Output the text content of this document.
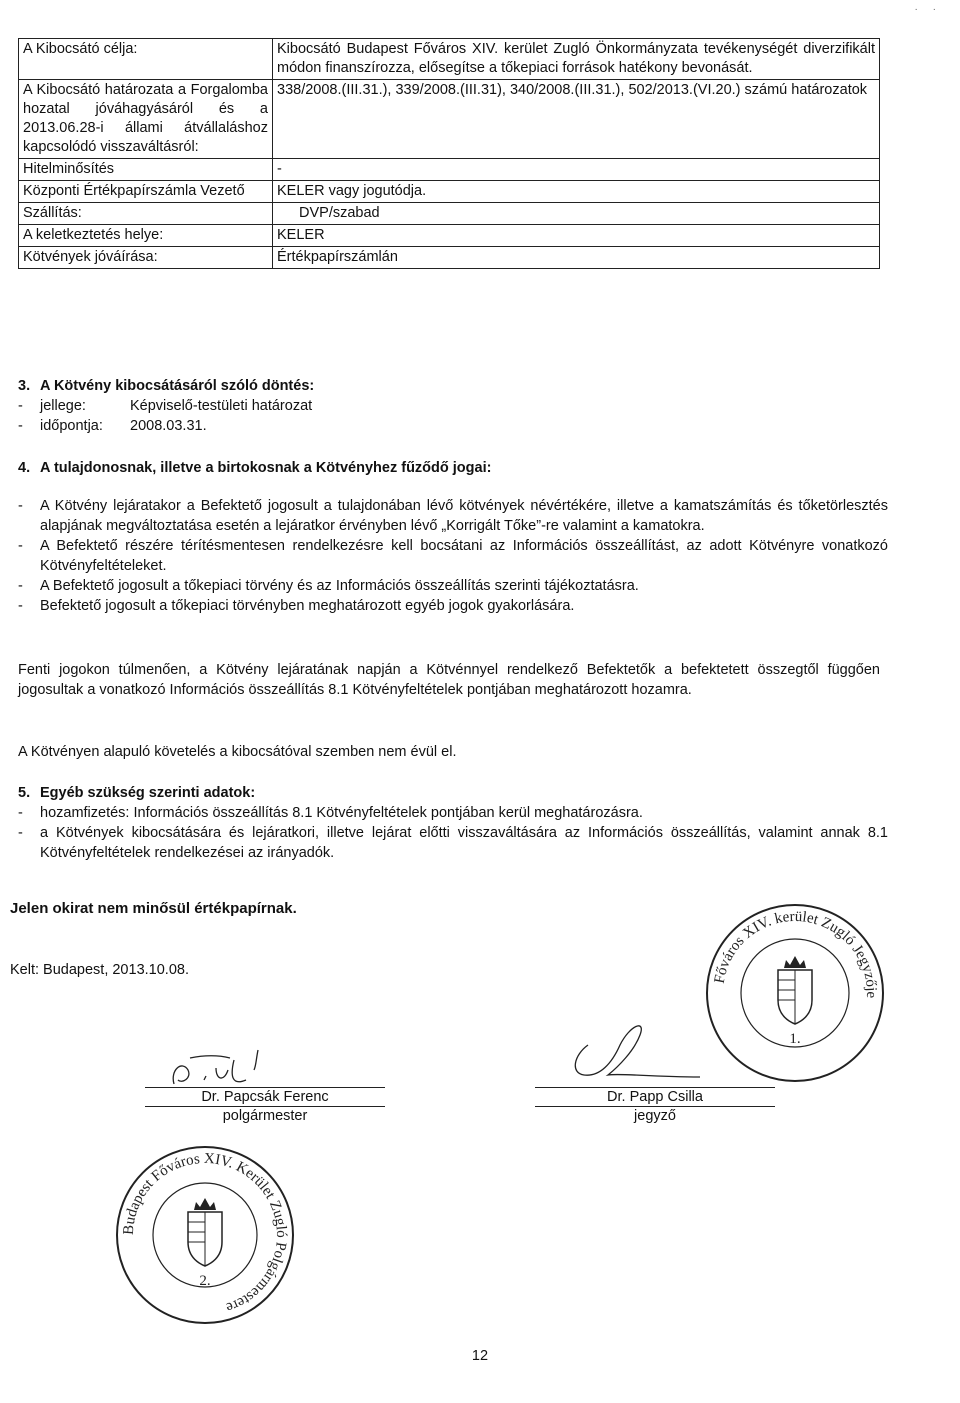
· ·
A Kibocsátó célja:	Kibocsátó Budapest Főváros XIV. kerület Zugló Önkormányzata tevékenységét diverzifikált módon finanszírozza, elősegítse a tőkepiaci források hatékony bevonását.
A Kibocsátó határozata a Forgalomba hozatal jóváhagyásáról és a 2013.06.28-i állami átvállaláshoz kapcsolódó visszaváltásról:	338/2008.(III.31.), 339/2008.(III.31), 340/2008.(III.31.), 502/2013.(VI.20.) számú határozatok
Hitelminősítés	-
Központi Értékpapírszámla Vezető	KELER vagy jogutódja.
Szállítás:	DVP/szabad
A keletkeztetés helye:	KELER
Kötvények jóváírása:	Értékpapírszámlán
3. A Kötvény kibocsátásáról szóló döntés:
-	jellege:	Képviselő-testületi határozat
-	időpontja: 2008.03.31.
4. A tulajdonosnak, illetve a birtokosnak a Kötvényhez fűződő jogai:
-	A Kötvény lejáratakor a Befektető jogosult a tulajdonában lévő kötvények névértékére, illetve a kamatszámítás és tőketörlesztés alapjának megváltoztatása esetén a lejáratkor érvényben lévő „Korrigált Tőke”-re valamint a kamatokra.
-	A Befektető részére térítésmentesen rendelkezésre kell bocsátani az Információs összeállítást, az adott Kötvényre vonatkozó Kötvényfeltételeket.
-	A Befektető jogosult a tőkepiaci törvény és az Információs összeállítás szerinti tájékoztatásra.
-	Befektető jogosult a tőkepiaci törvényben meghatározott egyéb jogok gyakorlására.
Fenti jogokon túlmenően, a Kötvény lejáratának napján a Kötvénnyel rendelkező Befektetők a befektetett összegtől függően jogosultak a vonatkozó Információs összeállítás 8.1 Kötvényfeltételek pontjában meghatározott hozamra.
A Kötvényen alapuló követelés a kibocsátóval szemben nem évül el.
5. Egyéb szükség szerinti adatok:
-	hozamfizetés: Információs összeállítás 8.1 Kötvényfeltételek pontjában kerül meghatározásra.
-	a Kötvények kibocsátására és lejáratkori, illetve lejárat előtti visszaváltására az Információs összeállítás, valamint annak 8.1 Kötvényfeltételek rendelkezései az irányadók.
Jelen okirat nem minősül értékpapírnak.
Kelt: Budapest, 2013.10.08.
Dr. Papcsák Ferenc
polgármester
Dr. Papp Csilla
jegyző
Főváros XIV. kerület Zugló Jegyzője
1.
Budapest Főváros XIV. Kerület Zugló Polgármestere
2.
12
